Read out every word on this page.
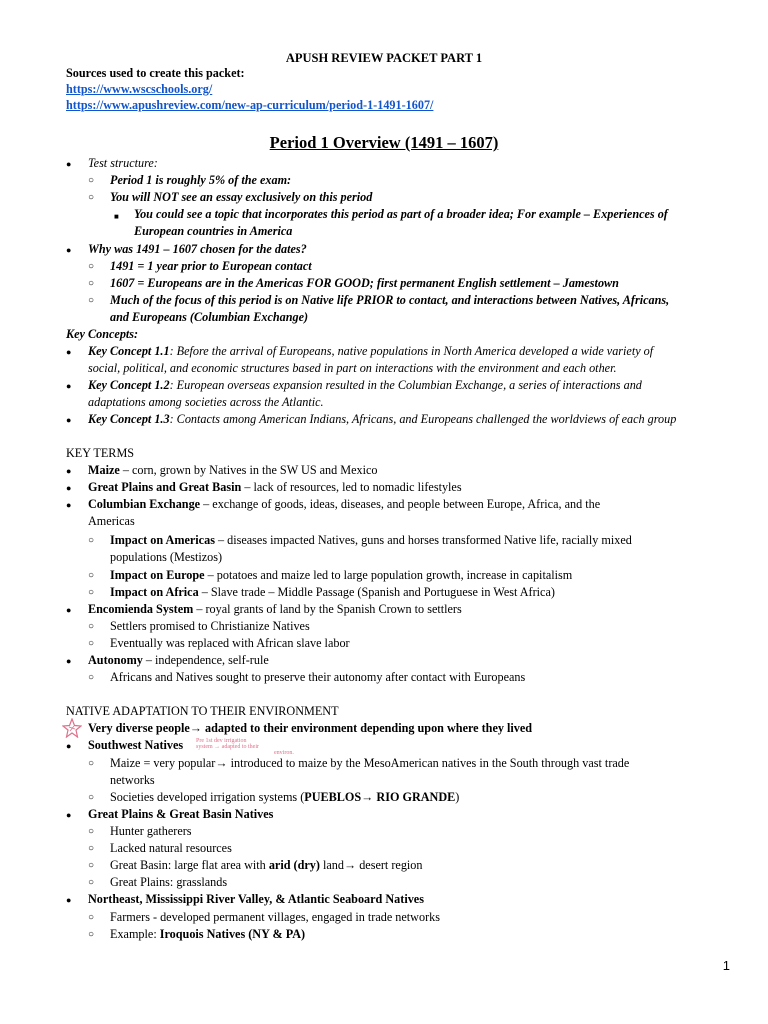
APUSH REVIEW PACKET PART 1
Sources used to create this packet:
https://www.wscschools.org/
https://www.apushreview.com/new-ap-curriculum/period-1-1491-1607/
Period 1 Overview (1491 – 1607)
● Test structure:
○ Period 1 is roughly 5% of the exam:
○ You will NOT see an essay exclusively on this period
■ You could see a topic that incorporates this period as part of a broader idea; For example – Experiences of
European countries in America
● Why was 1491 – 1607 chosen for the dates?
○ 1491 = 1 year prior to European contact
○ 1607 = Europeans are in the Americas FOR GOOD; first permanent English settlement – Jamestown
○ Much of the focus of this period is on Native life PRIOR to contact, and interactions between Natives, Africans,
and Europeans (Columbian Exchange)
Key Concepts:
● Key Concept 1.1: Before the arrival of Europeans, native populations in North America developed a wide variety of
social, political, and economic structures based in part on interactions with the environment and each other.
● Key Concept 1.2: European overseas expansion resulted in the Columbian Exchange, a series of interactions and
adaptations among societies across the Atlantic.
● Key Concept 1.3: Contacts among American Indians, Africans, and Europeans challenged the worldviews of each group
KEY TERMS
● Maize – corn, grown by Natives in the SW US and Mexico
● Great Plains and Great Basin – lack of resources, led to nomadic lifestyles
● Columbian Exchange – exchange of goods, ideas, diseases, and people between Europe, Africa, and the
Americas
○ Impact on Americas – diseases impacted Natives, guns and horses transformed Native life, racially mixed
populations (Mestizos)
○ Impact on Europe – potatoes and maize led to large population growth, increase in capitalism
○ Impact on Africa – Slave trade – Middle Passage (Spanish and Portuguese in West Africa)
● Encomienda System – royal grants of land by the Spanish Crown to settlers
○ Settlers promised to Christianize Natives
○ Eventually was replaced with African slave labor
● Autonomy – independence, self-rule
○ Africans and Natives sought to preserve their autonomy after contact with Europeans
NATIVE ADAPTATION TO THEIR ENVIRONMENT
Very diverse people→ adapted to their environment depending upon where they lived
● Southwest Natives
○ Maize = very popular→ introduced to maize by the MesoAmerican natives in the South through vast trade
networks
○ Societies developed irrigation systems (PUEBLOS→ RIO GRANDE)
● Great Plains & Great Basin Natives
○ Hunter gatherers
○ Lacked natural resources
○ Great Basin: large flat area with arid (dry) land→ desert region
○ Great Plains: grasslands
● Northeast, Mississippi River Valley, & Atlantic Seaboard Natives
○ Farmers - developed permanent villages, engaged in trade networks
○ Example: Iroquois Natives (NY & PA)
Pre 1st dev irrigation
system → adapted to their
environ.
1
